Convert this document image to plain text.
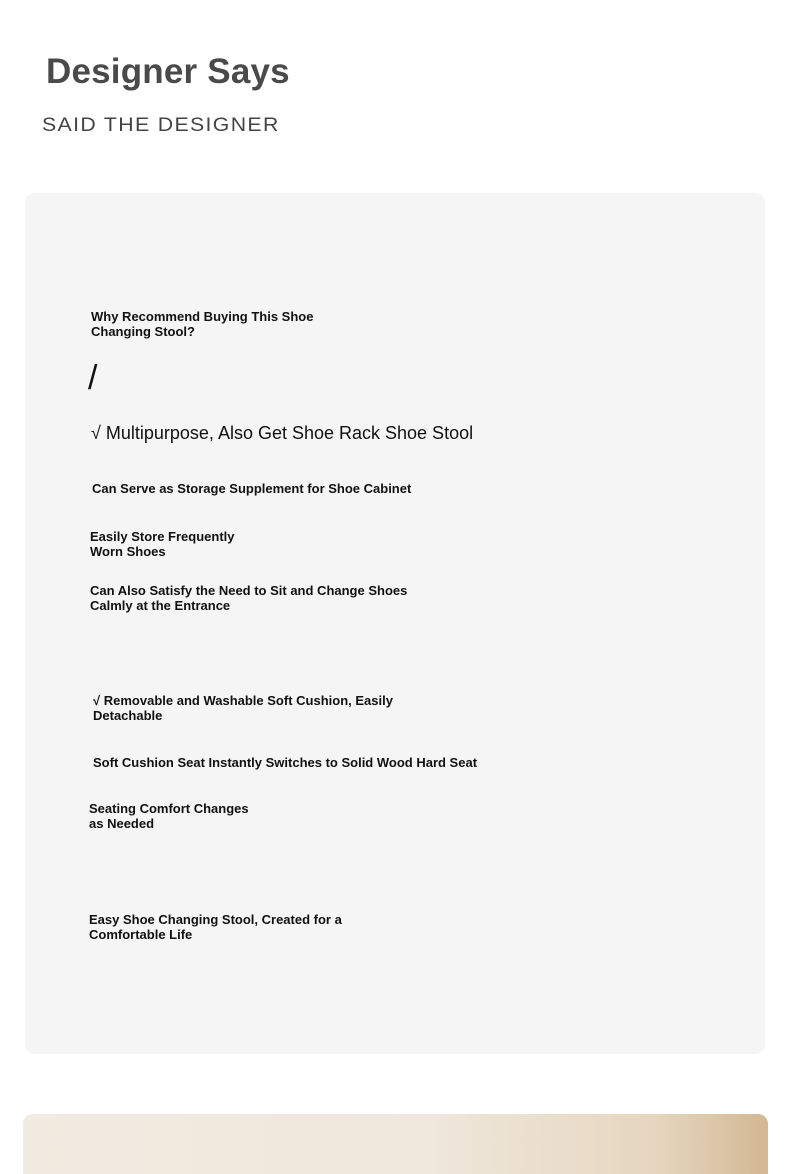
Designer Says
SAID THE DESIGNER
Why Recommend Buying This Shoe
Changing Stool?
/
√ Multipurpose, Also Get Shoe Rack Shoe Stool
Can Serve as Storage Supplement for Shoe Cabinet
Easily Store Frequently
Worn Shoes
Can Also Satisfy the Need to Sit and Change Shoes
Calmly at the Entrance
√ Removable and Washable Soft Cushion, Easily
Detachable
Soft Cushion Seat Instantly Switches to Solid Wood Hard Seat
Seating Comfort Changes
as Needed
Easy Shoe Changing Stool, Created for a
Comfortable Life
